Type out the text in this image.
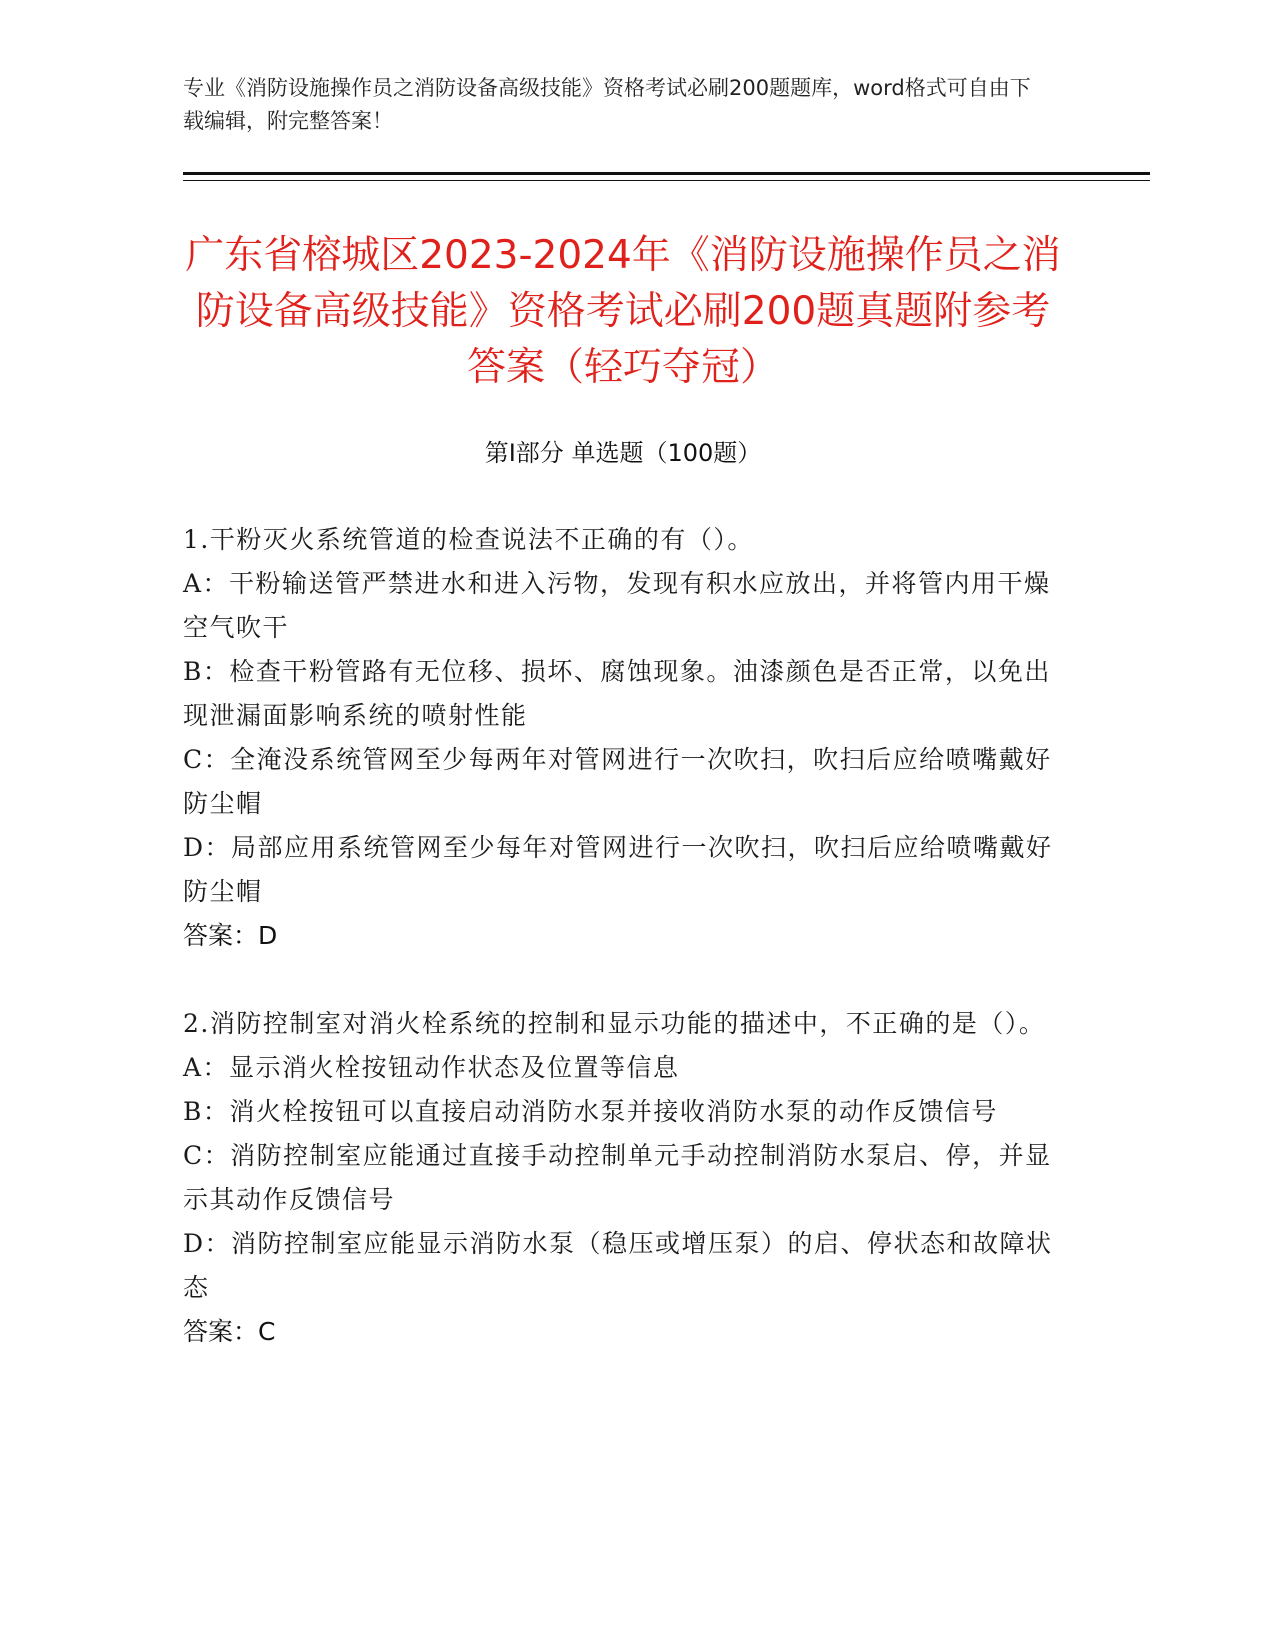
专业《消防设施操作员之消防设备高级技能》资格考试必刷200题题库，word格式可自由下载编辑，附完整答案！
广东省榕城区2023-2024年《消防设施操作员之消防设备高级技能》资格考试必刷200题真题附参考答案（轻巧夺冠）
第I部分 单选题（100题）
1.干粉灭火系统管道的检查说法不正确的有（）。
A：干粉输送管严禁进水和进入污物，发现有积水应放出，并将管内用干燥空气吹干
B：检查干粉管路有无位移、损坏、腐蚀现象。油漆颜色是否正常，以免出现泄漏面影响系统的喷射性能
C：全淹没系统管网至少每两年对管网进行一次吹扫，吹扫后应给喷嘴戴好防尘帽
D：局部应用系统管网至少每年对管网进行一次吹扫，吹扫后应给喷嘴戴好防尘帽
答案：D
2.消防控制室对消火栓系统的控制和显示功能的描述中，不正确的是（）。
A：显示消火栓按钮动作状态及位置等信息
B：消火栓按钮可以直接启动消防水泵并接收消防水泵的动作反馈信号
C：消防控制室应能通过直接手动控制单元手动控制消防水泵启、停，并显示其动作反馈信号
D：消防控制室应能显示消防水泵（稳压或增压泵）的启、停状态和故障状态
答案：C
